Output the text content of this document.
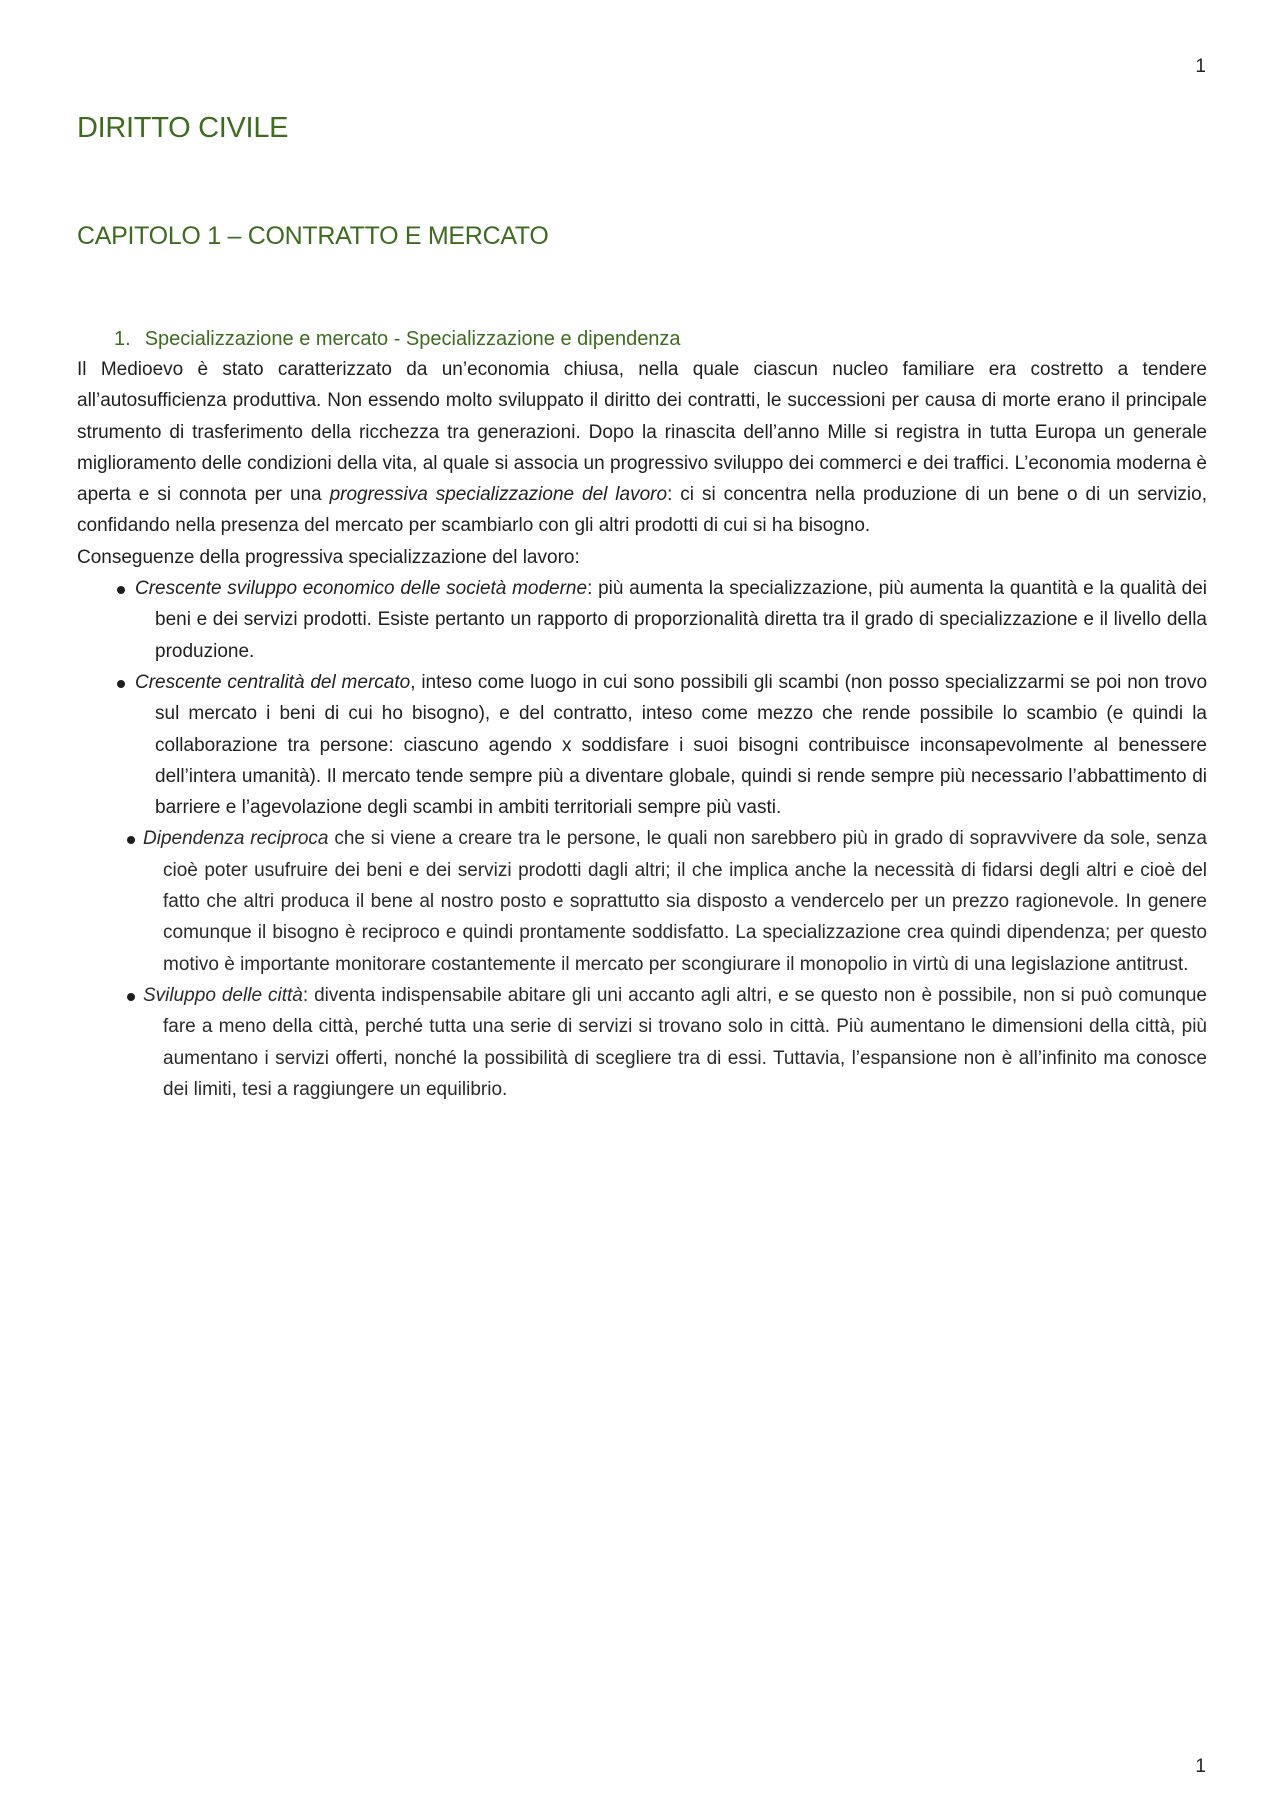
1
DIRITTO CIVILE
CAPITOLO 1 – CONTRATTO E MERCATO
1. Specializzazione e mercato - Specializzazione e dipendenza

Il Medioevo è stato caratterizzato da un’economia chiusa, nella quale ciascun nucleo familiare era costretto a tendere all’autosufficienza produttiva. Non essendo molto sviluppato il diritto dei contratti, le successioni per causa di morte erano il principale strumento di trasferimento della ricchezza tra generazioni. Dopo la rinascita dell’anno Mille si registra in tutta Europa un generale miglioramento delle condizioni della vita, al quale si associa un progressivo sviluppo dei commerci e dei traffici. L’economia moderna è aperta e si connota per una progressiva specializzazione del lavoro: ci si concentra nella produzione di un bene o di un servizio, confidando nella presenza del mercato per scambiarlo con gli altri prodotti di cui si ha bisogno.

Conseguenze della progressiva specializzazione del lavoro:

Crescente sviluppo economico delle società moderne: più aumenta la specializzazione, più aumenta la quantità e la qualità dei beni e dei servizi prodotti. Esiste pertanto un rapporto di proporzionalità diretta tra il grado di specializzazione e il livello della produzione.
Crescente centralità del mercato, inteso come luogo in cui sono possibili gli scambi (non posso specializzarmi se poi non trovo sul mercato i beni di cui ho bisogno), e del contratto, inteso come mezzo che rende possibile lo scambio (e quindi la collaborazione tra persone: ciascuno agendo x soddisfare i suoi bisogni contribuisce inconsapevolmente al benessere dell’intera umanità). Il mercato tende sempre più a diventare globale, quindi si rende sempre più necessario l’abbattimento di barriere e l’agevolazione degli scambi in ambiti territoriali sempre più vasti.
Dipendenza reciproca che si viene a creare tra le persone, le quali non sarebbero più in grado di sopravvivere da sole, senza cioè poter usufruire dei beni e dei servizi prodotti dagli altri; il che implica anche la necessità di fidarsi degli altri e cioè del fatto che altri produca il bene al nostro posto e soprattutto sia disposto a vendercelo per un prezzo ragionevole. In genere comunque il bisogno è reciproco e quindi prontamente soddisfatto. La specializzazione crea quindi dipendenza; per questo motivo è importante monitorare costantemente il mercato per scongiurare il monopolio in virtù di una legislazione antitrust.
Sviluppo delle città: diventa indispensabile abitare gli uni accanto agli altri, e se questo non è possibile, non si può comunque fare a meno della città, perché tutta una serie di servizi si trovano solo in città. Più aumentano le dimensioni della città, più aumentano i servizi offerti, nonché la possibilità di scegliere tra di essi. Tuttavia, l’espansione non è all’infinito ma conosce dei limiti, tesi a raggiungere un equilibrio.
1
